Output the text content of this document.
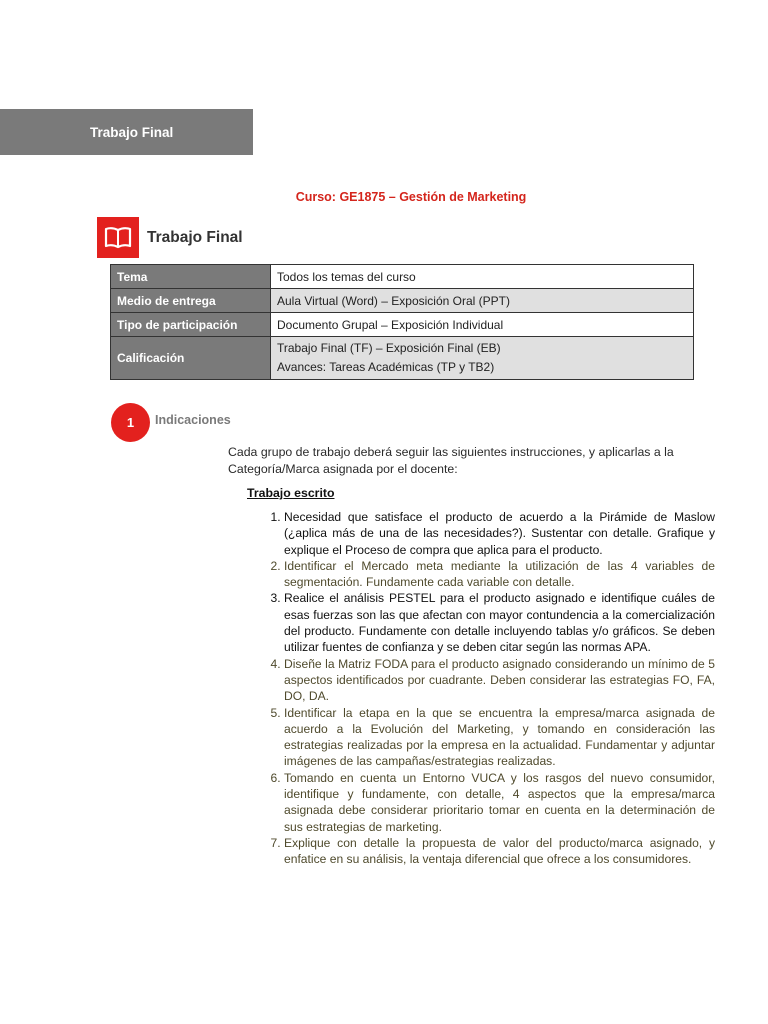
Trabajo Final
Curso: GE1875 – Gestión de Marketing
Trabajo Final
Tema	Todos los temas del curso
Medio de entrega	Aula Virtual (Word) – Exposición Oral (PPT)
Tipo de participación	Documento Grupal – Exposición Individual
Calificación	Trabajo Final (TF) – Exposición Final (EB)
Avances: Tareas Académicas (TP y TB2)
1	Indicaciones
Cada grupo de trabajo deberá seguir las siguientes instrucciones, y aplicarlas a la Categoría/Marca asignada por el docente:
Trabajo escrito
1. Necesidad que satisface el producto de acuerdo a la Pirámide de Maslow (¿aplica más de una de las necesidades?). Sustentar con detalle. Grafique y explique el Proceso de compra que aplica para el producto.
2. Identificar el Mercado meta mediante la utilización de las 4 variables de segmentación. Fundamente cada variable con detalle.
3. Realice el análisis PESTEL para el producto asignado e identifique cuáles de esas fuerzas son las que afectan con mayor contundencia a la comercialización del producto. Fundamente con detalle incluyendo tablas y/o gráficos. Se deben utilizar fuentes de confianza y se deben citar según las normas APA.
4. Diseñe la Matriz FODA para el producto asignado considerando un mínimo de 5 aspectos identificados por cuadrante. Deben considerar las estrategias FO, FA, DO, DA.
5. Identificar la etapa en la que se encuentra la empresa/marca asignada de acuerdo a la Evolución del Marketing, y tomando en consideración las estrategias realizadas por la empresa en la actualidad. Fundamentar y adjuntar imágenes de las campañas/estrategias realizadas.
6. Tomando en cuenta un Entorno VUCA y los rasgos del nuevo consumidor, identifique y fundamente, con detalle, 4 aspectos que la empresa/marca asignada debe considerar prioritario tomar en cuenta en la determinación de sus estrategias de marketing.
7. Explique con detalle la propuesta de valor del producto/marca asignado, y enfatice en su análisis, la ventaja diferencial que ofrece a los consumidores.
